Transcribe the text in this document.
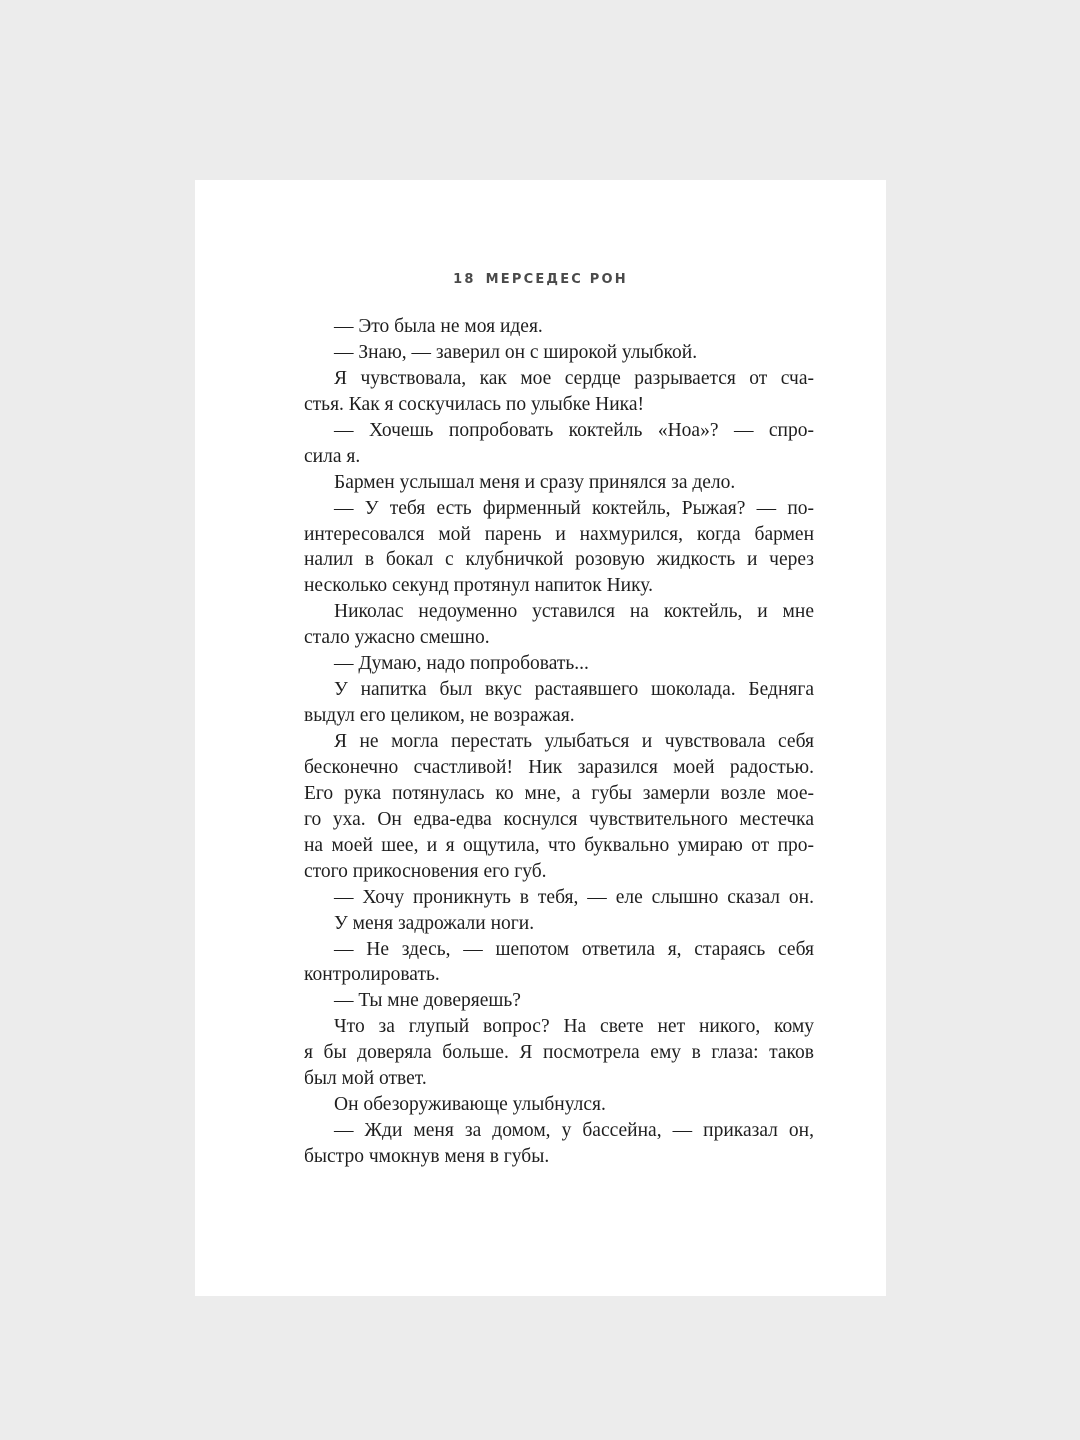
18 МЕРСЕДЕС РОН
— Это была не моя идея.
— Знаю, — заверил он с широкой улыбкой.
Я чувствовала, как мое сердце разрывается от сча-
стья. Как я соскучилась по улыбке Ника!
— Хочешь попробовать коктейль «Ноа»? — спро-
сила я.
Бармен услышал меня и сразу принялся за дело.
— У тебя есть фирменный коктейль, Рыжая? — по-
интересовался мой парень и нахмурился, когда бармен
налил в бокал с клубничкой розовую жидкость и через
несколько секунд протянул напиток Нику.
Николас недоуменно уставился на коктейль, и мне
стало ужасно смешно.
— Думаю, надо попробовать...
У напитка был вкус растаявшего шоколада. Бедняга
выдул его целиком, не возражая.
Я не могла перестать улыбаться и чувствовала себя
бесконечно счастливой! Ник заразился моей радостью.
Его рука потянулась ко мне, а губы замерли возле мое-
го уха. Он едва-едва коснулся чувствительного местечка
на моей шее, и я ощутила, что буквально умираю от про-
стого прикосновения его губ.
— Хочу проникнуть в тебя, — еле слышно сказал он.
У меня задрожали ноги.
— Не здесь, — шепотом ответила я, стараясь себя
контролировать.
— Ты мне доверяешь?
Что за глупый вопрос? На свете нет никого, кому
я бы доверяла больше. Я посмотрела ему в глаза: таков
был мой ответ.
Он обезоруживающе улыбнулся.
— Жди меня за домом, у бассейна, — приказал он,
быстро чмокнув меня в губы.
